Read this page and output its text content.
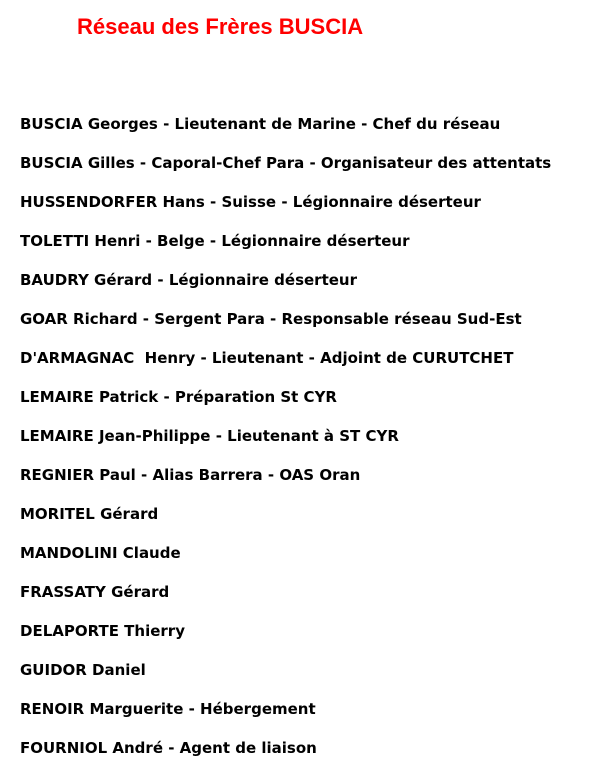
Réseau des Frères BUSCIA
BUSCIA Georges - Lieutenant de Marine - Chef du réseau
BUSCIA Gilles - Caporal-Chef Para - Organisateur des attentats
HUSSENDORFER Hans - Suisse - Légionnaire déserteur
TOLETTI Henri - Belge - Légionnaire déserteur
BAUDRY Gérard - Légionnaire déserteur
GOAR Richard - Sergent Para - Responsable réseau Sud-Est
D'ARMAGNAC  Henry - Lieutenant - Adjoint de CURUTCHET
LEMAIRE Patrick - Préparation St CYR
LEMAIRE Jean-Philippe - Lieutenant à ST CYR
REGNIER Paul - Alias Barrera - OAS Oran
MORITEL Gérard
MANDOLINI Claude
FRASSATY Gérard
DELAPORTE Thierry
GUIDOR Daniel
RENOIR Marguerite - Hébergement
FOURNIOL André - Agent de liaison
